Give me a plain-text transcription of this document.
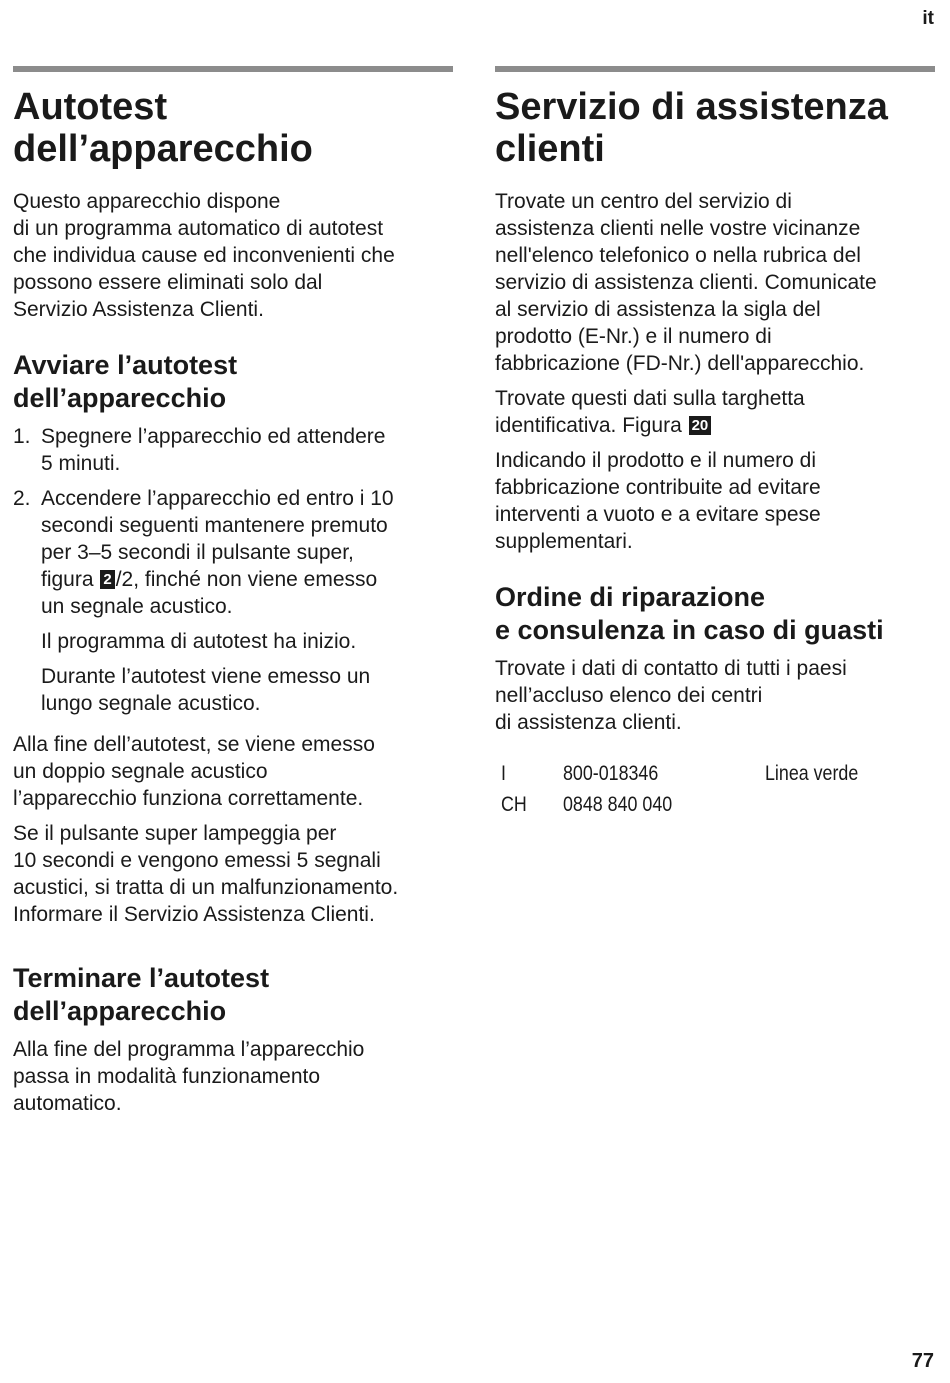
it
Autotest
dell’apparecchio

Questo apparecchio dispone
di un programma automatico di autotest
che individua cause ed inconvenienti che
possono essere eliminati solo dal
Servizio Assistenza Clienti.

Avviare l’autotest
dell’apparecchio
1. Spegnere l’apparecchio ed attendere
5 minuti.
2. Accendere l’apparecchio ed entro i 10
secondi seguenti mantenere premuto
per 3–5 secondi il pulsante super,
figura 2 /2, finché non viene emesso
un segnale acustico.

Il programma di autotest ha inizio.

Durante l’autotest viene emesso un
lungo segnale acustico.

Alla fine dell’autotest, se viene emesso
un doppio segnale acustico
l’apparecchio funziona correttamente.

Se il pulsante super lampeggia per
10 secondi e vengono emessi 5 segnali
acustici, si tratta di un malfunzionamento.
Informare il Servizio Assistenza Clienti.

Terminare l’autotest
dell’apparecchio

Alla fine del programma l’apparecchio
passa in modalità funzionamento
automatico.

Servizio di assistenza
clienti

Trovate un centro del servizio di
assistenza clienti nelle vostre vicinanze
nell'elenco telefonico o nella rubrica del
servizio di assistenza clienti. Comunicate
al servizio di assistenza la sigla del
prodotto (E-Nr.) e il numero di
fabbricazione (FD-Nr.) dell'apparecchio.

Trovate questi dati sulla targhetta
identificativa. Figura 20

Indicando il prodotto e il numero di
fabbricazione contribuite ad evitare
interventi a vuoto e a evitare spese
supplementari.

Ordine di riparazione
e consulenza in caso di guasti

Trovate i dati di contatto di tutti i paesi
nell’accluso elenco dei centri
di assistenza clienti.

I	800-018346	Linea verde
CH	0848 840 040	
77
